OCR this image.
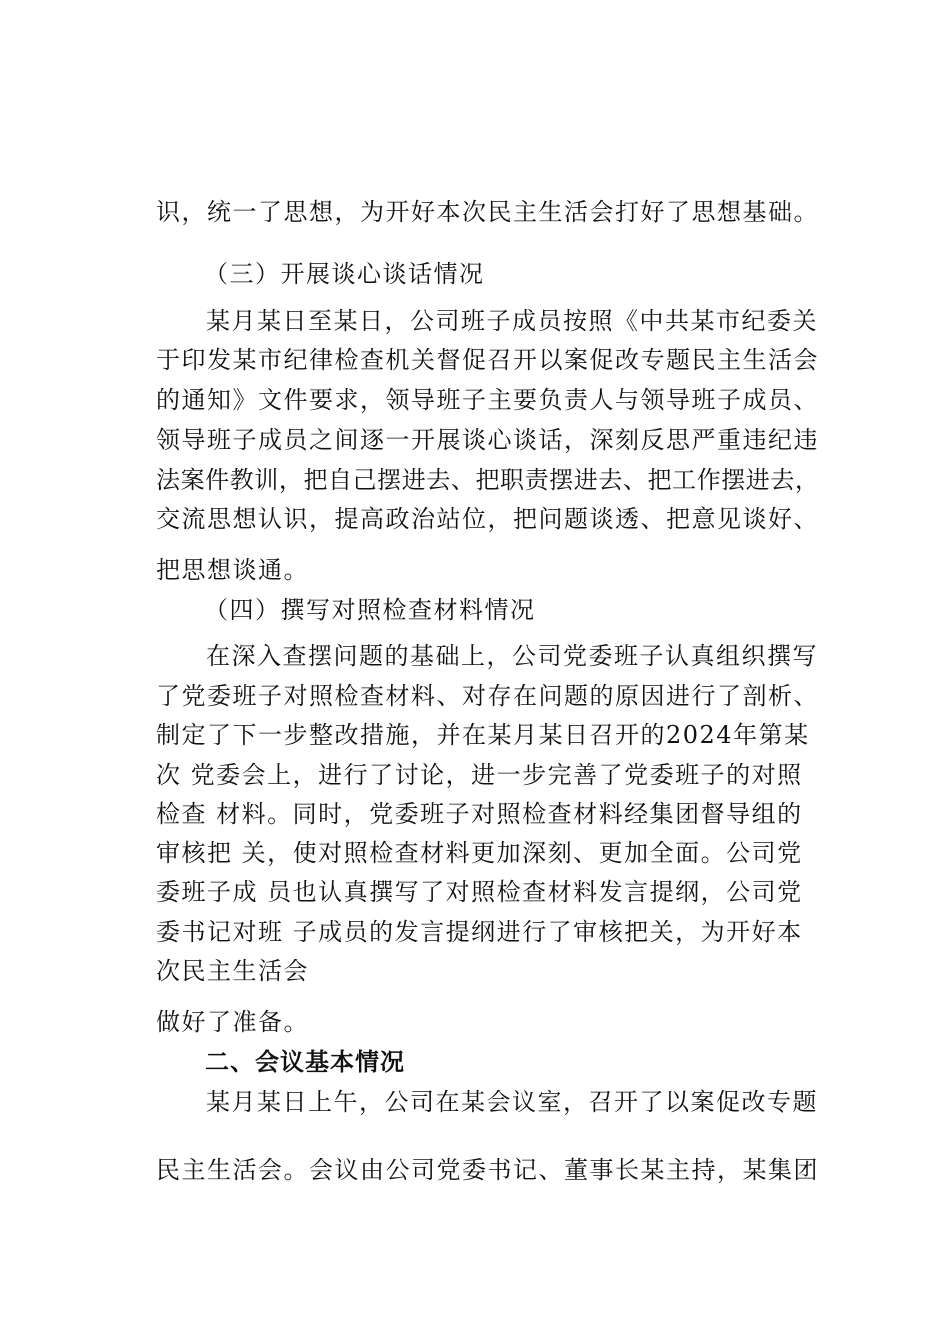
识，统一了思想，为开好本次民主生活会打好了思想基础。
（三）开展谈心谈话情况
某月某日至某日，公司班子成员按照《中共某市纪委关
于印发某市纪律检查机关督促召开以案促改专题民主生活会
的通知》文件要求，领导班子主要负责人与领导班子成员、
领导班子成员之间逐一开展谈心谈话，深刻反思严重违纪违
法案件教训，把自己摆进去、把职责摆进去、把工作摆进去，
交流思想认识，提高政治站位，把问题谈透、把意见谈好、
把思想谈通。
（四）撰写对照检查材料情况
在深入查摆问题的基础上，公司党委班子认真组织撰写
了党委班子对照检查材料、对存在问题的原因进行了剖析、
制定了下一步整改措施，并在某月某日召开的2024年第某
次 党委会上，进行了讨论，进一步完善了党委班子的对照
检查 材料。同时，党委班子对照检查材料经集团督导组的
审核把 关，使对照检查材料更加深刻、更加全面。公司党
委班子成 员也认真撰写了对照检查材料发言提纲，公司党
委书记对班 子成员的发言提纲进行了审核把关，为开好本
次民主生活会
做好了准备。
二、会议基本情况
某月某日上午，公司在某会议室，召开了以案促改专题
民主生活会。会议由公司党委书记、董事长某主持，某集团
